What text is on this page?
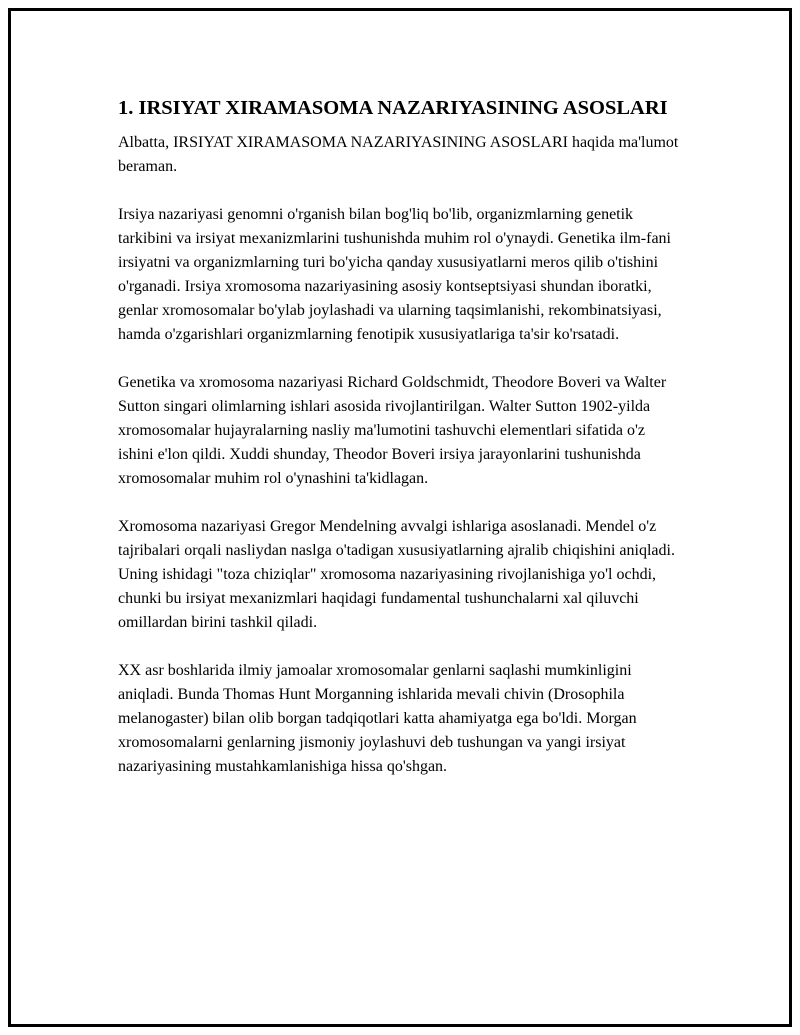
1. IRSIYAT XIRAMASOMA NAZARIYASINING ASOSLARI

Albatta, IRSIYAT XIRAMASOMA NAZARIYASINING ASOSLARI haqida ma'lumot beraman.

Irsiya nazariyasi genomni o'rganish bilan bog'liq bo'lib, organizmlarning genetik tarkibini va irsiyat mexanizmlarini tushunishda muhim rol o'ynaydi. Genetika ilm-fani irsiyatni va organizmlarning turi bo'yicha qanday xususiyatlarni meros qilib o'tishini o'rganadi. Irsiya xromosoma nazariyasining asosiy kontseptsiyasi shundan iboratki, genlar xromosomalar bo'ylab joylashadi va ularning taqsimlanishi, rekombinatsiyasi, hamda o'zgarishlari organizmlarning fenotipik xususiyatlariga ta'sir ko'rsatadi.

Genetika va xromosoma nazariyasi Richard Goldschmidt, Theodore Boveri va Walter Sutton singari olimlarning ishlari asosida rivojlantirilgan. Walter Sutton 1902-yilda xromosomalar hujayralarning nasliy ma'lumotini tashuvchi elementlari sifatida o'z ishini e'lon qildi. Xuddi shunday, Theodor Boveri irsiya jarayonlarini tushunishda xromosomalar muhim rol o'ynashini ta'kidlagan.

Xromosoma nazariyasi Gregor Mendelning avvalgi ishlariga asoslanadi. Mendel o'z tajribalari orqali nasliydan naslga o'tadigan xususiyatlarning ajralib chiqishini aniqladi. Uning ishidagi "toza chiziqlar" xromosoma nazariyasining rivojlanishiga yo'l ochdi, chunki bu irsiyat mexanizmlari haqidagi fundamental tushunchalarni xal qiluvchi omillardan birini tashkil qiladi.

XX asr boshlarida ilmiy jamoalar xromosomalar genlarni saqlashi mumkinligini aniqladi. Bunda Thomas Hunt Morganning ishlarida mevali chivin (Drosophila melanogaster) bilan olib borgan tadqiqotlari katta ahamiyatga ega bo'ldi. Morgan xromosomalarni genlarning jismoniy joylashuvi deb tushungan va yangi irsiyat nazariyasining mustahkamlanishiga hissa qo'shgan.
